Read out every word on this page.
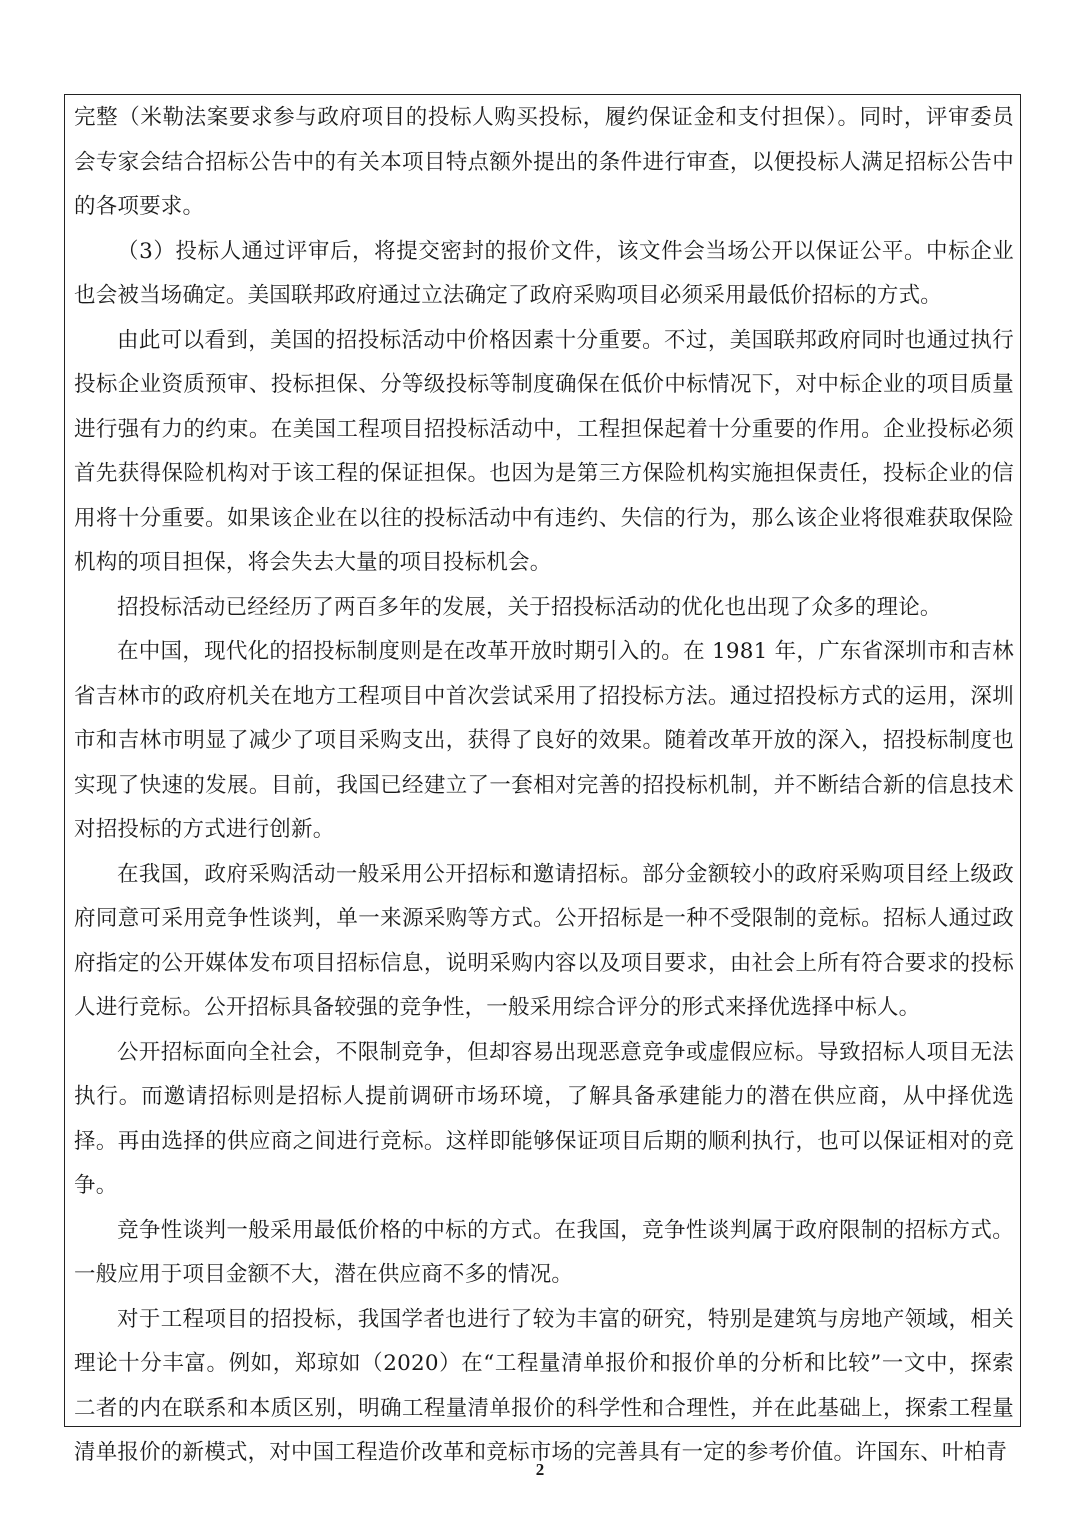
完整（米勒法案要求参与政府项目的投标人购买投标，履约保证金和支付担保）。同时，评审委员会专家会结合招标公告中的有关本项目特点额外提出的条件进行审查，以便投标人满足招标公告中的各项要求。

（3）投标人通过评审后，将提交密封的报价文件，该文件会当场公开以保证公平。中标企业也会被当场确定。美国联邦政府通过立法确定了政府采购项目必须采用最低价招标的方式。

由此可以看到，美国的招投标活动中价格因素十分重要。不过，美国联邦政府同时也通过执行投标企业资质预审、投标担保、分等级投标等制度确保在低价中标情况下，对中标企业的项目质量进行强有力的约束。在美国工程项目招投标活动中，工程担保起着十分重要的作用。企业投标必须首先获得保险机构对于该工程的保证担保。也因为是第三方保险机构实施担保责任，投标企业的信用将十分重要。如果该企业在以往的投标活动中有违约、失信的行为，那么该企业将很难获取保险机构的项目担保，将会失去大量的项目投标机会。

招投标活动已经经历了两百多年的发展，关于招投标活动的优化也出现了众多的理论。

在中国，现代化的招投标制度则是在改革开放时期引入的。在 1981 年，广东省深圳市和吉林省吉林市的政府机关在地方工程项目中首次尝试采用了招投标方法。通过招投标方式的运用，深圳市和吉林市明显了减少了项目采购支出，获得了良好的效果。随着改革开放的深入，招投标制度也实现了快速的发展。目前，我国已经建立了一套相对完善的招投标机制，并不断结合新的信息技术对招投标的方式进行创新。

在我国，政府采购活动一般采用公开招标和邀请招标。部分金额较小的政府采购项目经上级政府同意可采用竞争性谈判，单一来源采购等方式。公开招标是一种不受限制的竞标。招标人通过政府指定的公开媒体发布项目招标信息，说明采购内容以及项目要求，由社会上所有符合要求的投标人进行竞标。公开招标具备较强的竞争性，一般采用综合评分的形式来择优选择中标人。

公开招标面向全社会，不限制竞争，但却容易出现恶意竞争或虚假应标。导致招标人项目无法执行。而邀请招标则是招标人提前调研市场环境，了解具备承建能力的潜在供应商，从中择优选择。再由选择的供应商之间进行竞标。这样即能够保证项目后期的顺利执行，也可以保证相对的竞争。

竞争性谈判一般采用最低价格的中标的方式。在我国，竞争性谈判属于政府限制的招标方式。一般应用于项目金额不大，潜在供应商不多的情况。

对于工程项目的招投标，我国学者也进行了较为丰富的研究，特别是建筑与房地产领域，相关理论十分丰富。例如，郑琼如（2020）在“工程量清单报价和报价单的分析和比较”一文中，探索二者的内在联系和本质区别，明确工程量清单报价的科学性和合理性，并在此基础上，探索工程量清单报价的新模式，对中国工程造价改革和竞标市场的完善具有一定的参考价值。许国东、叶柏青

2
